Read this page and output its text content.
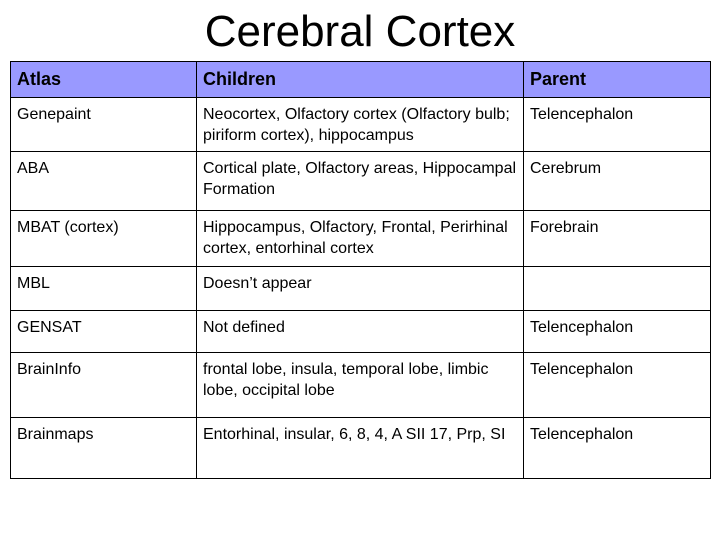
Cerebral Cortex
Atlas	Children	Parent
Genepaint	Neocortex, Olfactory cortex (Olfactory bulb; piriform cortex), hippocampus	Telencephalon
ABA	Cortical plate, Olfactory areas, Hippocampal Formation	Cerebrum
MBAT (cortex)	Hippocampus, Olfactory, Frontal, Perirhinal cortex, entorhinal cortex	Forebrain
MBL	Doesn’t appear	
GENSAT	Not defined	Telencephalon
BrainInfo	frontal lobe, insula, temporal lobe, limbic lobe, occipital lobe	Telencephalon
Brainmaps	Entorhinal, insular, 6, 8, 4, A SII 17, Prp, SI	Telencephalon
